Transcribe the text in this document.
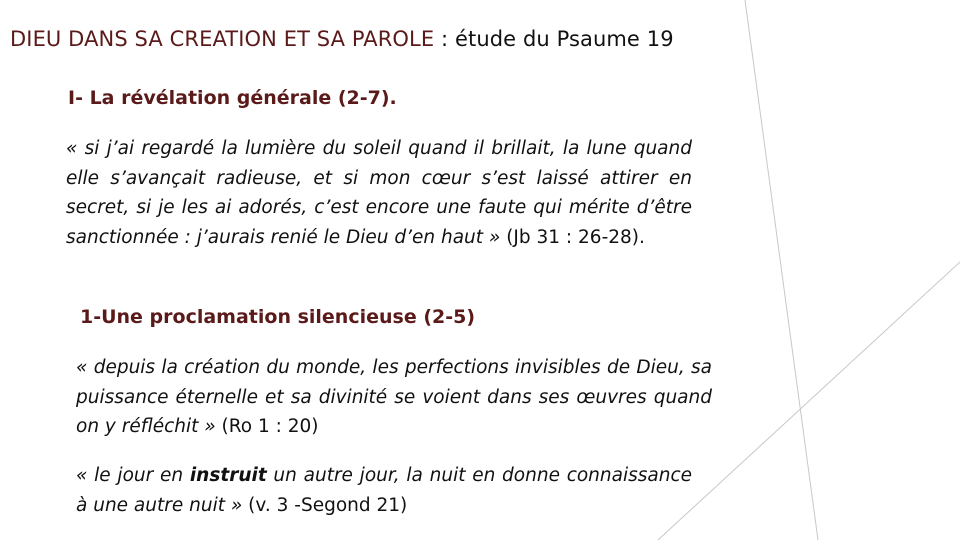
DIEU DANS SA CREATION ET SA PAROLE : étude du Psaume 19
I- La révélation générale (2-7).

« si j’ai regardé la lumière du soleil quand il brillait, la lune quand elle s’avançait radieuse, et si mon cœur s’est laissé attirer en secret, si je les ai adorés, c’est encore une faute qui mérite d’être sanctionnée : j’aurais renié le Dieu d’en haut » (Jb 31 : 26-28).

1-Une proclamation silencieuse (2-5)

« depuis la création du monde, les perfections invisibles de Dieu, sa puissance éternelle et sa divinité se voient dans ses œuvres quand on y réfléchit » (Ro 1 : 20)

« le jour en instruit un autre jour, la nuit en donne connaissance à une autre nuit » (v. 3 -Segond 21)
